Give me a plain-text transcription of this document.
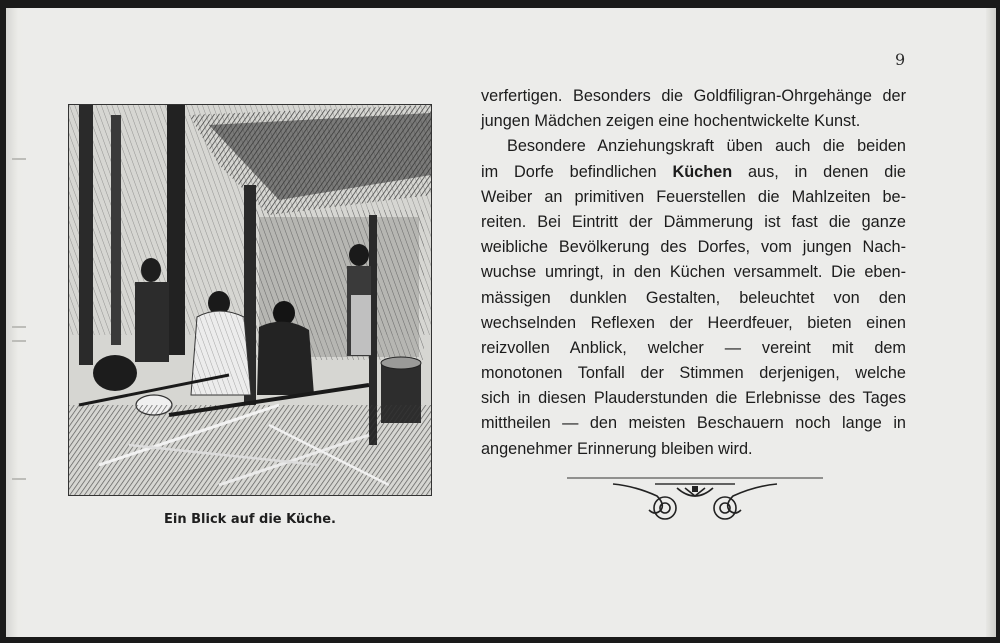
9
Ein Blick auf die Küche.
verfertigen. Besonders die Goldfiligran-Ohrgehänge der
jungen Mädchen zeigen eine hochentwickelte Kunst.
Besondere Anziehungskraft üben auch die beiden
im Dorfe befindlichen Küchen aus, in denen die
Weiber an primitiven Feuerstellen die Mahlzeiten be-
reiten. Bei Eintritt der Dämmerung ist fast die ganze
weibliche Bevölkerung des Dorfes, vom jungen Nach-
wuchse umringt, in den Küchen versammelt. Die eben-
mässigen dunklen Gestalten, beleuchtet von den
wechselnden Reflexen der Heerdfeuer, bieten einen
reizvollen Anblick, welcher — vereint mit dem
monotonen Tonfall der Stimmen derjenigen, welche
sich in diesen Plauderstunden die Erlebnisse des Tages
mittheilen — den meisten Beschauern noch lange in
angenehmer Erinnerung bleiben wird.
